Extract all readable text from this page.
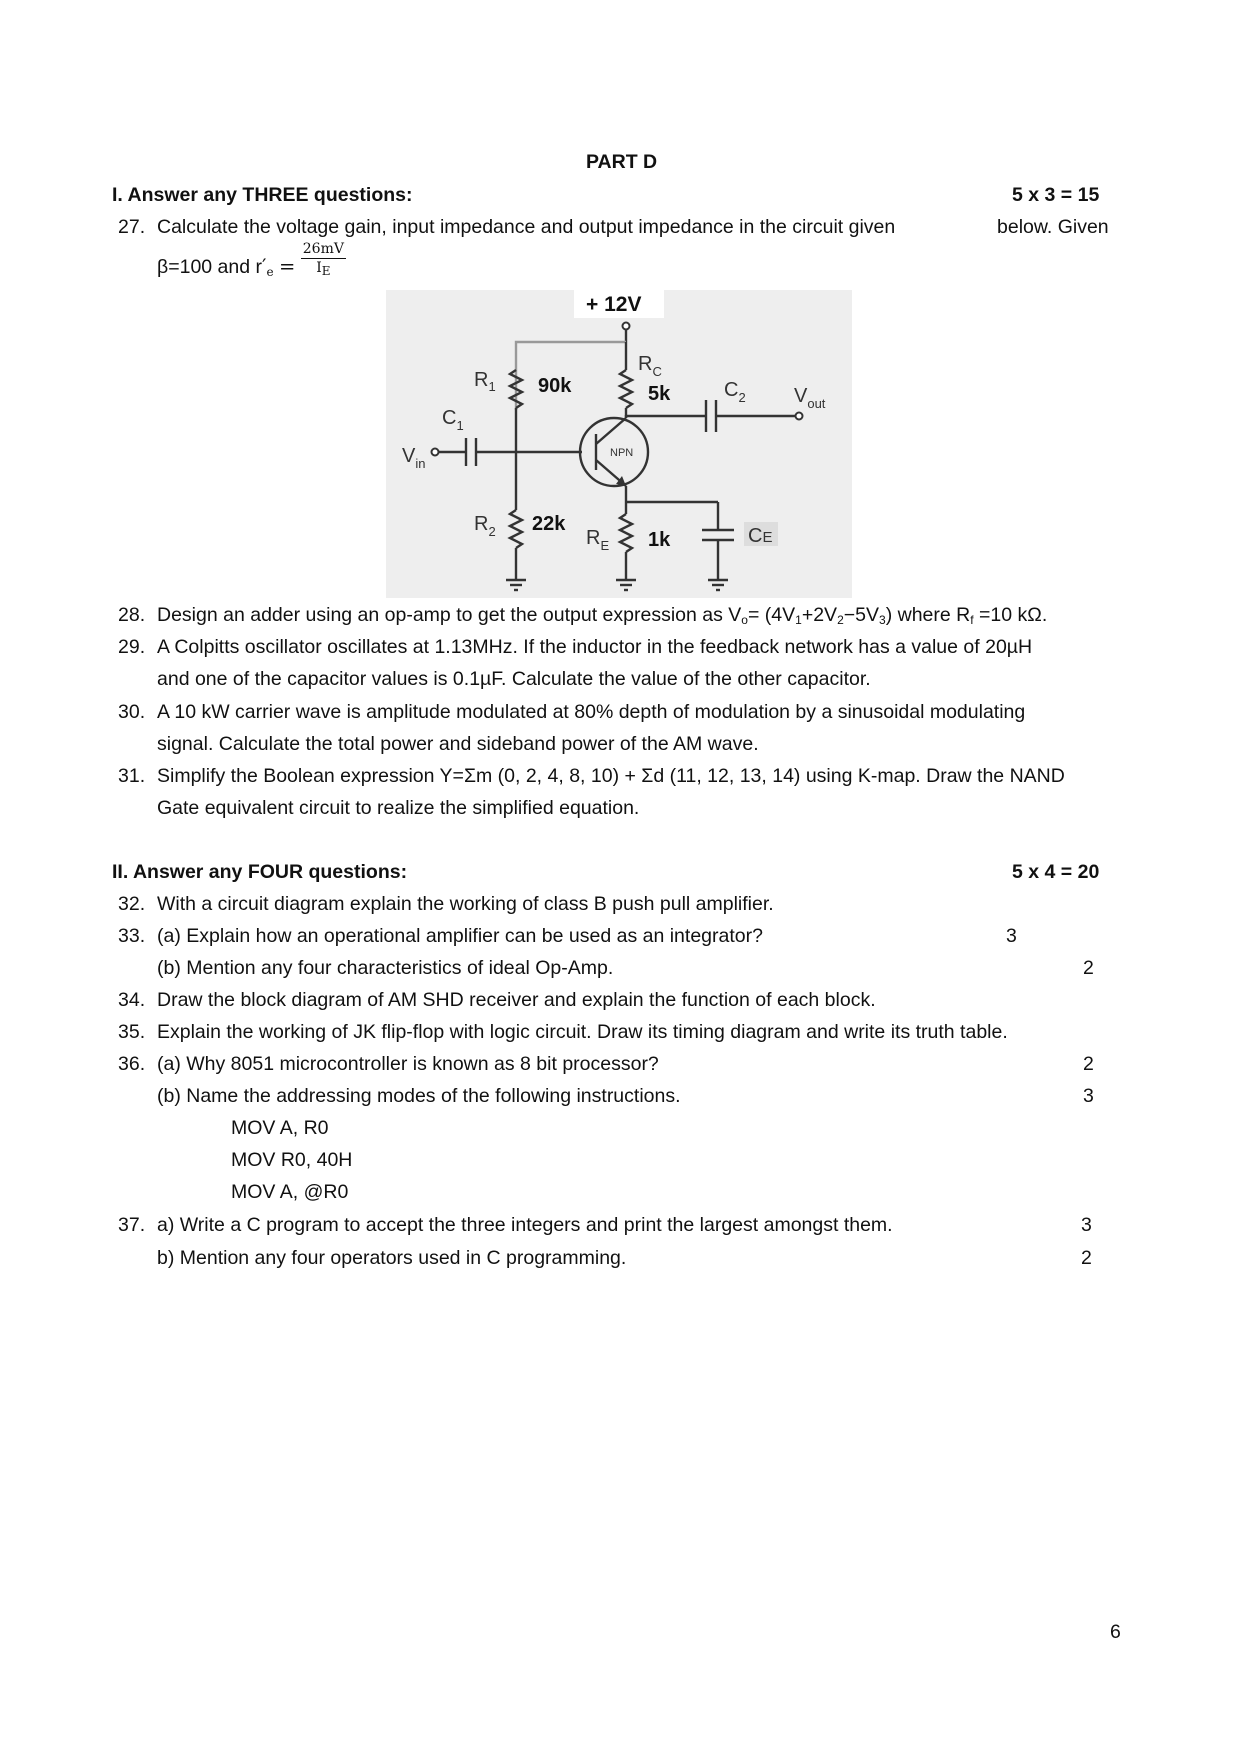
PART D
I. Answer any THREE questions:	5 x 3 = 15
27. Calculate the voltage gain, input impedance and output impedance in the circuit given	below. Given
β=100 and $r'_e = \frac{26mV}{I_E}$
+ 12V
$R_1$ 90k
$R_C$
5k
$C_1$
$C_2$
$V_{in}$
$V_{out}$
NPN
$R_2$ 22k
$R_E$ 1k	CE
28. Design an adder using an op-amp to get the output expression as $V_o= (4V_1+2V_2-5V_3)$ where $R_f =10$ kΩ.
29. A Colpitts oscillator oscillates at 1.13MHz. If the inductor in the feedback network has a value of 20µH
and one of the capacitor values is 0.1µF. Calculate the value of the other capacitor.
30. A 10 kW carrier wave is amplitude modulated at 80% depth of modulation by a sinusoidal modulating
signal. Calculate the total power and sideband power of the AM wave.
31. Simplify the Boolean expression Y=Σm (0, 2, 4, 8, 10) + Σd (11, 12, 13, 14) using K-map. Draw the NAND
Gate equivalent circuit to realize the simplified equation.
II. Answer any FOUR questions:	5 x 4 = 20
32. With a circuit diagram explain the working of class B push pull amplifier.
33. (a) Explain how an operational amplifier can be used as an integrator?	3
(b) Mention any four characteristics of ideal Op-Amp.	2
34. Draw the block diagram of AM SHD receiver and explain the function of each block.
35. Explain the working of JK flip-flop with logic circuit. Draw its timing diagram and write its truth table.
36. (a) Why 8051 microcontroller is known as 8 bit processor?	2
(b) Name the addressing modes of the following instructions.	3
MOV A, R0
MOV R0, 40H
MOV A, @R0
37. a) Write a C program to accept the three integers and print the largest amongst them.	3
b) Mention any four operators used in C programming.	2
6
